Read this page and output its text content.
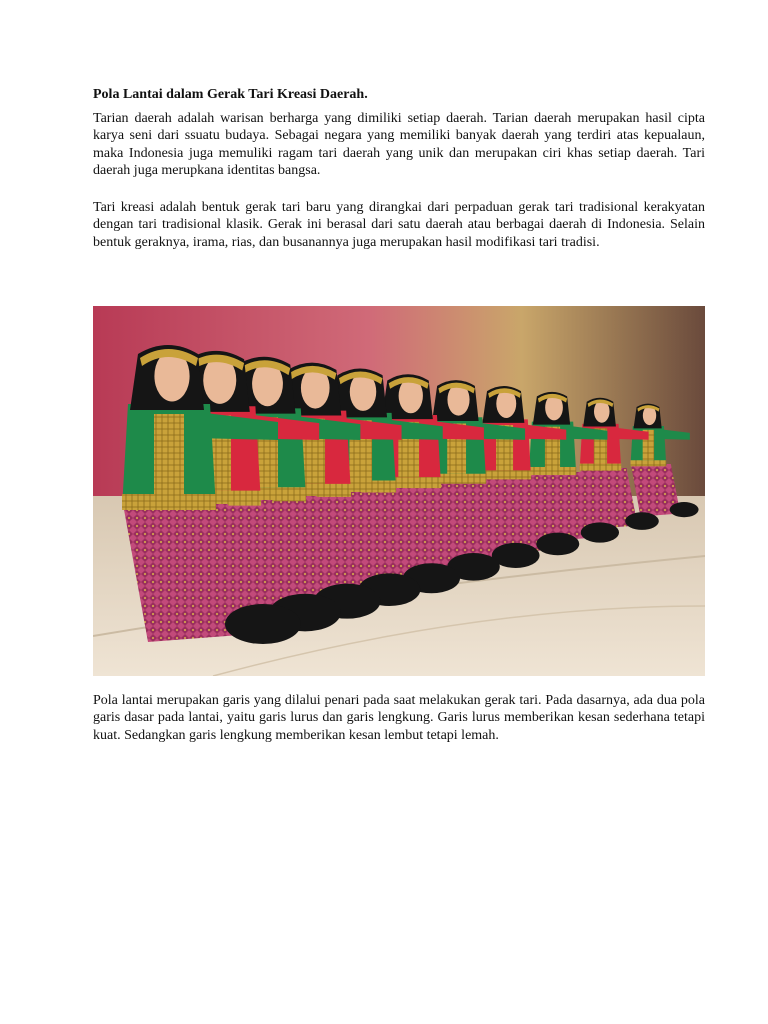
Pola Lantai dalam Gerak Tari Kreasi Daerah.

Tarian daerah adalah warisan berharga yang dimiliki setiap daerah. Tarian daerah merupakan hasil cipta karya seni dari ssuatu budaya. Sebagai negara yang memiliki banyak daerah yang terdiri atas kepualaun, maka Indonesia juga memuliki ragam tari daerah yang unik dan merupakan ciri khas setiap daerah. Tari daerah juga merupkana identitas bangsa.

Tari kreasi adalah bentuk gerak tari baru yang dirangkai dari perpaduan gerak tari tradisional kerakyatan dengan tari tradisional klasik. Gerak ini berasal dari satu daerah atau berbagai daerah di Indonesia. Selain bentuk geraknya, irama, rias, dan busanannya juga merupakan hasil modifikasi tari tradisi.

Pola lantai merupakan garis yang dilalui penari pada saat melakukan gerak tari. Pada dasarnya, ada dua pola garis dasar pada lantai, yaitu garis lurus dan garis lengkung. Garis lurus memberikan kesan sederhana tetapi kuat. Sedangkan garis lengkung memberikan kesan lembut tetapi lemah.
